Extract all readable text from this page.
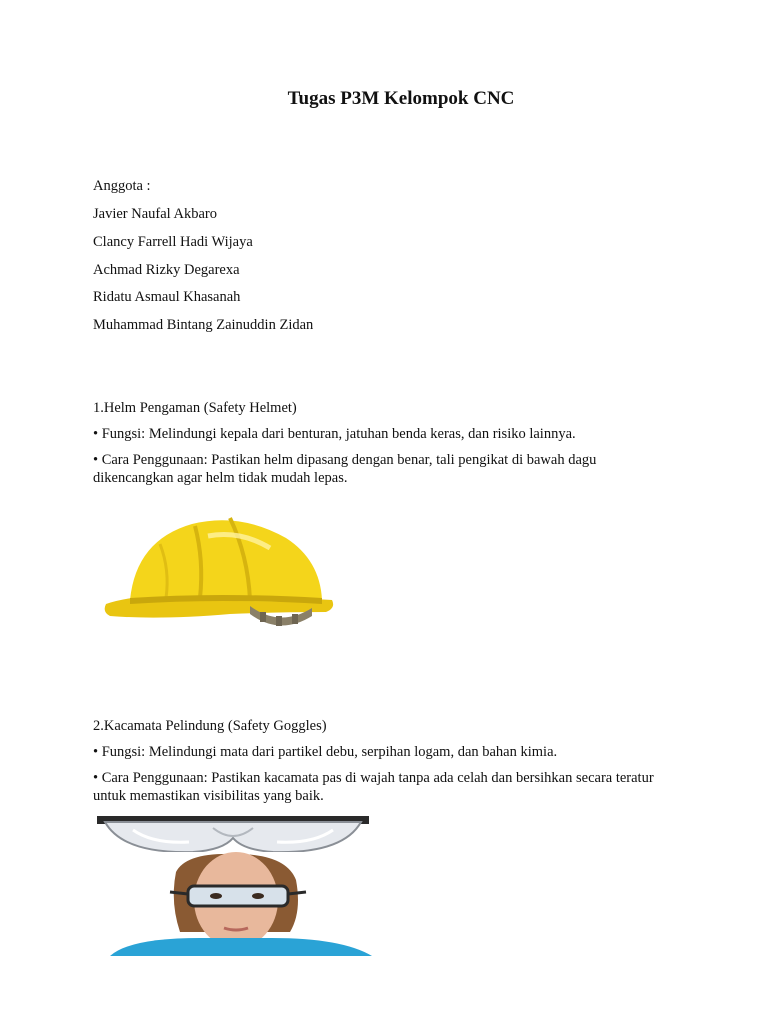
Tugas P3M Kelompok CNC
Anggota :
Javier Naufal Akbaro
Clancy Farrell Hadi Wijaya
Achmad Rizky Degarexa
Ridatu Asmaul Khasanah
Muhammad Bintang Zainuddin Zidan
1.Helm Pengaman (Safety Helmet)
• Fungsi: Melindungi kepala dari benturan, jatuhan benda keras, dan risiko lainnya.
• Cara Penggunaan: Pastikan helm dipasang dengan benar, tali pengikat di bawah dagu dikencangkan agar helm tidak mudah lepas.
2.Kacamata Pelindung (Safety Goggles)
• Fungsi: Melindungi mata dari partikel debu, serpihan logam, dan bahan kimia.
• Cara Penggunaan: Pastikan kacamata pas di wajah tanpa ada celah dan bersihkan secara teratur untuk memastikan visibilitas yang baik.
